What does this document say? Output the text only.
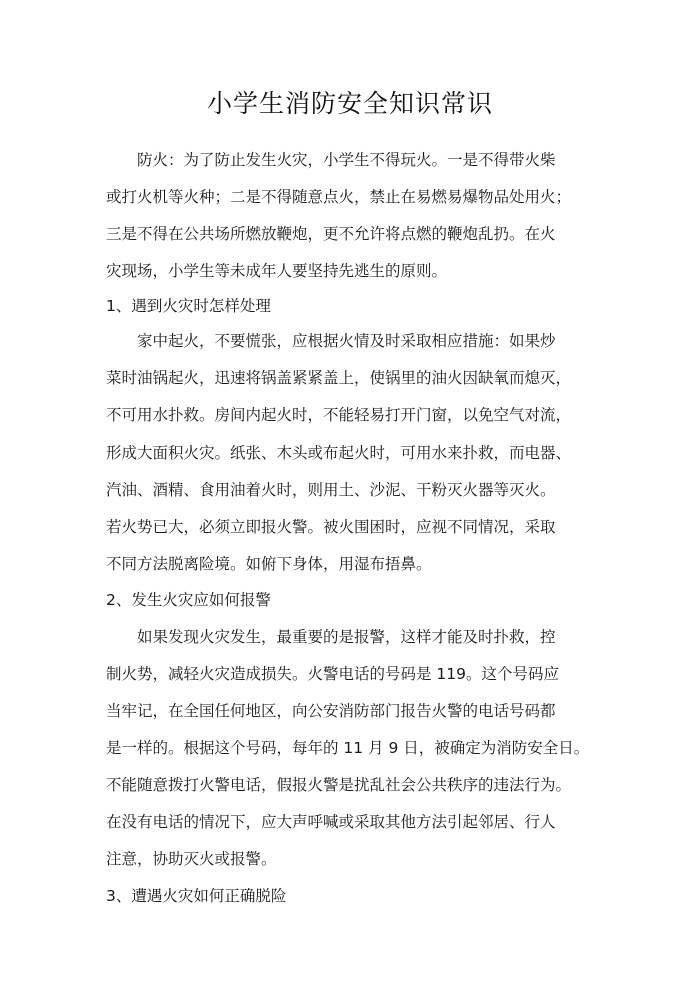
小学生消防安全知识常识

防火：为了防止发生火灾，小学生不得玩火。一是不得带火柴

或打火机等火种；二是不得随意点火，禁止在易燃易爆物品处用火；

三是不得在公共场所燃放鞭炮，更不允许将点燃的鞭炮乱扔。在火

灾现场，小学生等未成年人要坚持先逃生的原则。

1、遇到火灾时怎样处理

家中起火，不要慌张，应根据火情及时采取相应措施：如果炒

菜时油锅起火，迅速将锅盖紧紧盖上，使锅里的油火因缺氧而熄灭，

不可用水扑救。房间内起火时，不能轻易打开门窗，以免空气对流，

形成大面积火灾。纸张、木头或布起火时，可用水来扑救，而电器、

汽油、酒精、食用油着火时，则用土、沙泥、干粉灭火器等灭火。

若火势已大，必须立即报火警。被火围困时，应视不同情况，采取

不同方法脱离险境。如俯下身体，用湿布捂鼻。

2、发生火灾应如何报警

如果发现火灾发生，最重要的是报警，这样才能及时扑救，控

制火势，减轻火灾造成损失。火警电话的号码是 119。这个号码应

当牢记，在全国任何地区，向公安消防部门报告火警的电话号码都

是一样的。根据这个号码，每年的 11 月 9 日，被确定为消防安全日。

不能随意拨打火警电话，假报火警是扰乱社会公共秩序的违法行为。

在没有电话的情况下，应大声呼喊或采取其他方法引起邻居、行人

注意，协助灭火或报警。

3、遭遇火灾如何正确脱险
